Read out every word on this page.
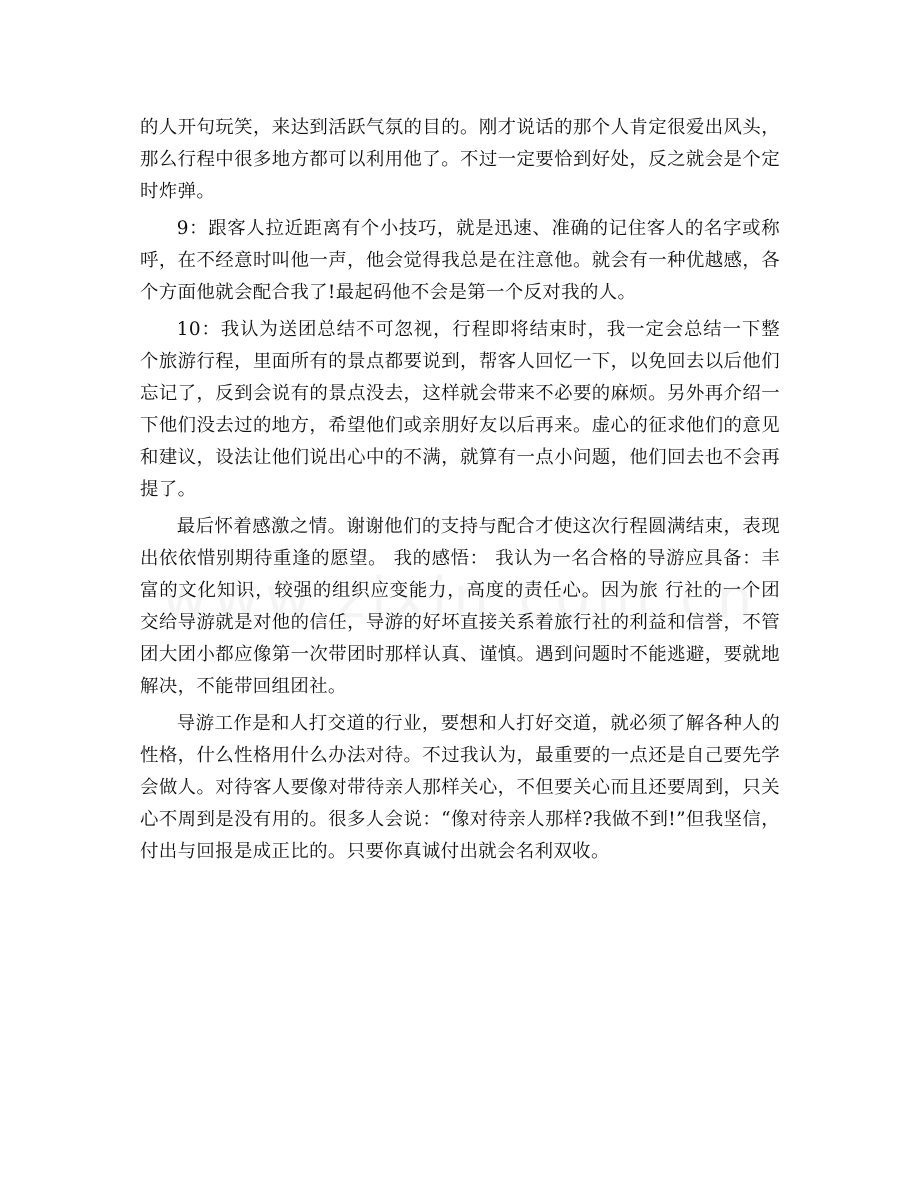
的人开句玩笑，来达到活跃气氛的目的。刚才说话的那个人肯定很爱出风头，那么行程中很多地方都可以利用他了。不过一定要恰到好处，反之就会是个定时炸弹。

9：跟客人拉近距离有个小技巧，就是迅速、准确的记住客人的名字或称呼，在不经意时叫他一声，他会觉得我总是在注意他。就会有一种优越感，各个方面他就会配合我了!最起码他不会是第一个反对我的人。

10：我认为送团总结不可忽视，行程即将结束时，我一定会总结一下整个旅游行程，里面所有的景点都要说到，帮客人回忆一下，以免回去以后他们忘记了，反到会说有的景点没去，这样就会带来不必要的麻烦。另外再介绍一下他们没去过的地方，希望他们或亲朋好友以后再来。虚心的征求他们的意见和建议，设法让他们说出心中的不满，就算有一点小问题，他们回去也不会再提了。

最后怀着感激之情。谢谢他们的支持与配合才使这次行程圆满结束，表现出依依惜别期待重逢的愿望。 我的感悟： 我认为一名合格的导游应具备：丰富的文化知识，较强的组织应变能力，高度的责任心。因为旅 行社的一个团交给导游就是对他的信任，导游的好坏直接关系着旅行社的利益和信誉，不管团大团小都应像第一次带团时那样认真、谨慎。遇到问题时不能逃避，要就地解决，不能带回组团社。

导游工作是和人打交道的行业，要想和人打好交道，就必须了解各种人的性格，什么性格用什么办法对待。不过我认为，最重要的一点还是自己要先学会做人。对待客人要像对带待亲人那样关心，不但要关心而且还要周到，只关心不周到是没有用的。很多人会说：“像对待亲人那样?我做不到!”但我坚信，付出与回报是成正比的。只要你真诚付出就会名利双收。
